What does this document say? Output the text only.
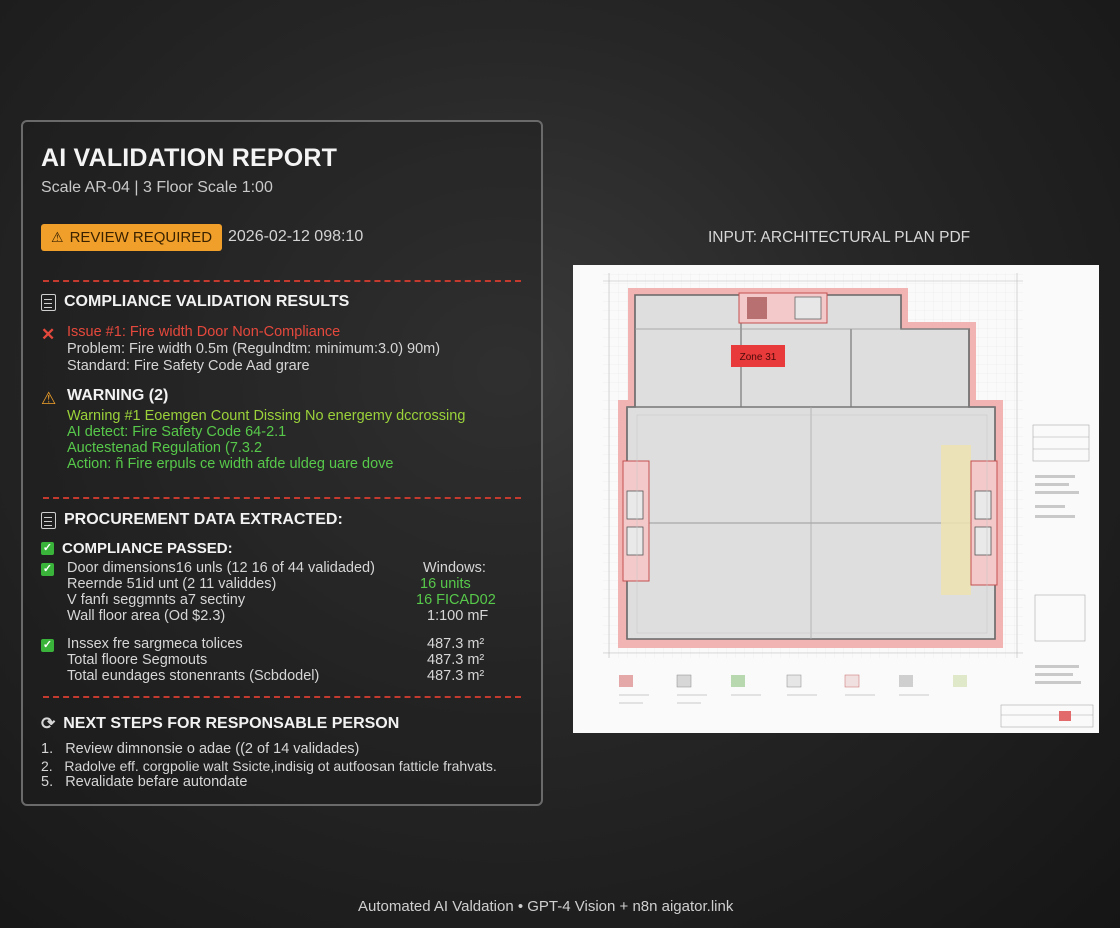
AI VALIDATION REPORT
Scale AR-04 | 3 Floor Scale 1:00
⚠ REVIEW REQUIRED 2026-02-12 098:10
COMPLIANCE VALIDATION RESULTS
✕ Issue #1: Fire width Door Non-Compliance
Problem: Fire width 0.5m (Regulndtm: minimum:3.0) 90m)
Standard: Fire Safety Code Aad grare
⚠ WARNING (2)
Warning #1 Eoemgen Count Dissing No energemy dccrossing
AI detect: Fire Safety Code 64-2.1
Auctestenad Regulation (7.3.2
Action: ñ Fire erpuls ce width afde uldeg uare dove
PROCURЕMENT DATA EXTRACTED:
✓ COMPLIANCE PASSED:
✓ Door dimensions16 unls (12 16 of 44 validaded)	Windows:
Reernde 51id unt (2 11 validdes)	16 units
V fanfı seggmnts a7 sectiny	16 FICAD02
Wall floor area (Od $2.3)	1:100 mF
✓ Inssex fre sargmeca tolices	487.3 m²
Total floore Segmouts	487.3 m²
Total eundages stonenrants (Scbdodel)	487.3 m²
⟳ NEXT STEPS FOR RESPONSABLE PERSON
1. Review dimnonsie o adae ((2 of 14 validades)
2. Radolve eff. corgpolie walt Ssicte,indisig ot autfoosan fatticle frahvats.
5. Revalidate befare autondate
INPUT: ARCHITECTURAL PLAN PDF
Zone 31
Automated AI Valdation • GPT-4 Vision + n8n aigator.link
